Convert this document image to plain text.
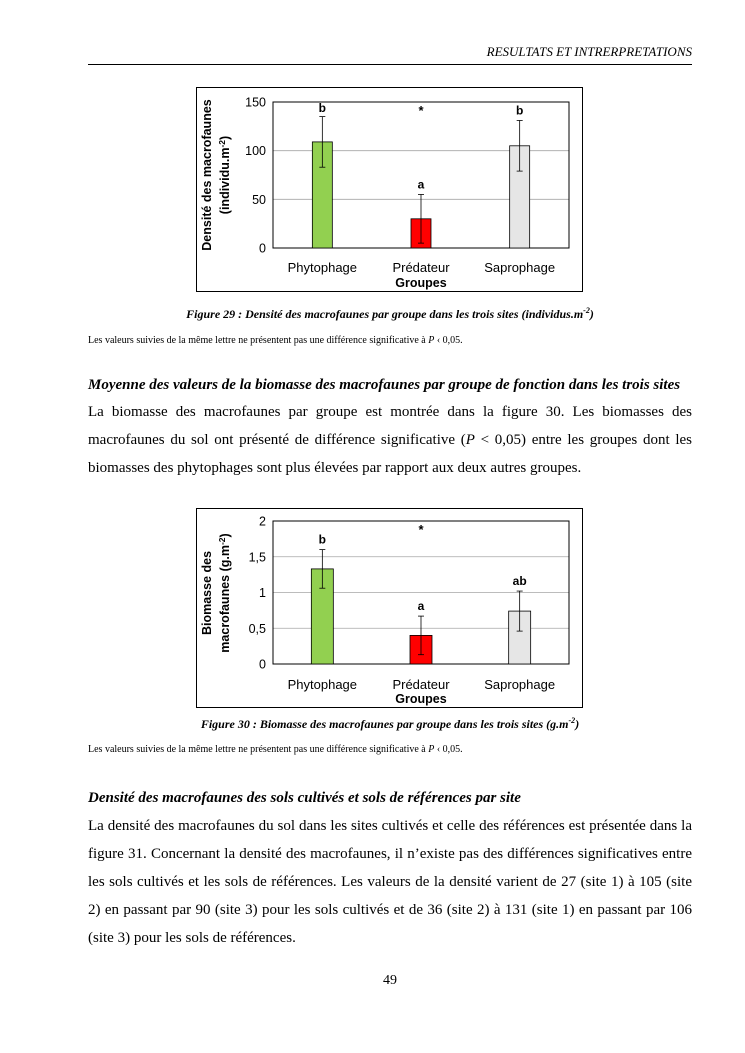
RESULTATS ET INTRERPRETATIONS
0
50
100
150	b
Phytophage
a
Prédateur
b
Saprophage
*
Groupes
Densité des macrofaunes $(individu.m^{-2})$
Figure 29 : Densité des macrofaunes par groupe dans les trois sites $(individus.m^{-2})$
Les valeurs suivies de la même lettre ne présentent pas une différence significative à P ‹ 0,05.
Moyenne des valeurs de la biomasse des macrofaunes par groupe de fonction dans les trois sites
La biomasse des macrofaunes par groupe est montrée dans la figure 30. Les biomasses des macrofaunes du sol ont présenté de différence significative (P < 0,05) entre les groupes dont les biomasses des phytophages sont plus élevées par rapport aux deux autres groupes.
0
0,5
1
1,5
2
b
Phytophage
a
Prédateur
ab
Saprophage
*
Groupes
Biomasse des macrofaunes $(g.m^{-2})$
Figure 30 : Biomasse des macrofaunes par groupe dans les trois sites $(g.m^{-2})$
Les valeurs suivies de la même lettre ne présentent pas une différence significative à P ‹ 0,05.
Densité des macrofaunes des sols cultivés et sols de références par site
La densité des macrofaunes du sol dans les sites cultivés et celle des références est présentée dans la figure 31. Concernant la densité des macrofaunes, il n’existe pas des différences significatives entre les sols cultivés et les sols de références. Les valeurs de la densité varient de 27 (site 1) à 105 (site 2) en passant par 90 (site 3) pour les sols cultivés et de 36 (site 2) à 131 (site 1) en passant par 106 (site 3) pour les sols de références.
49
